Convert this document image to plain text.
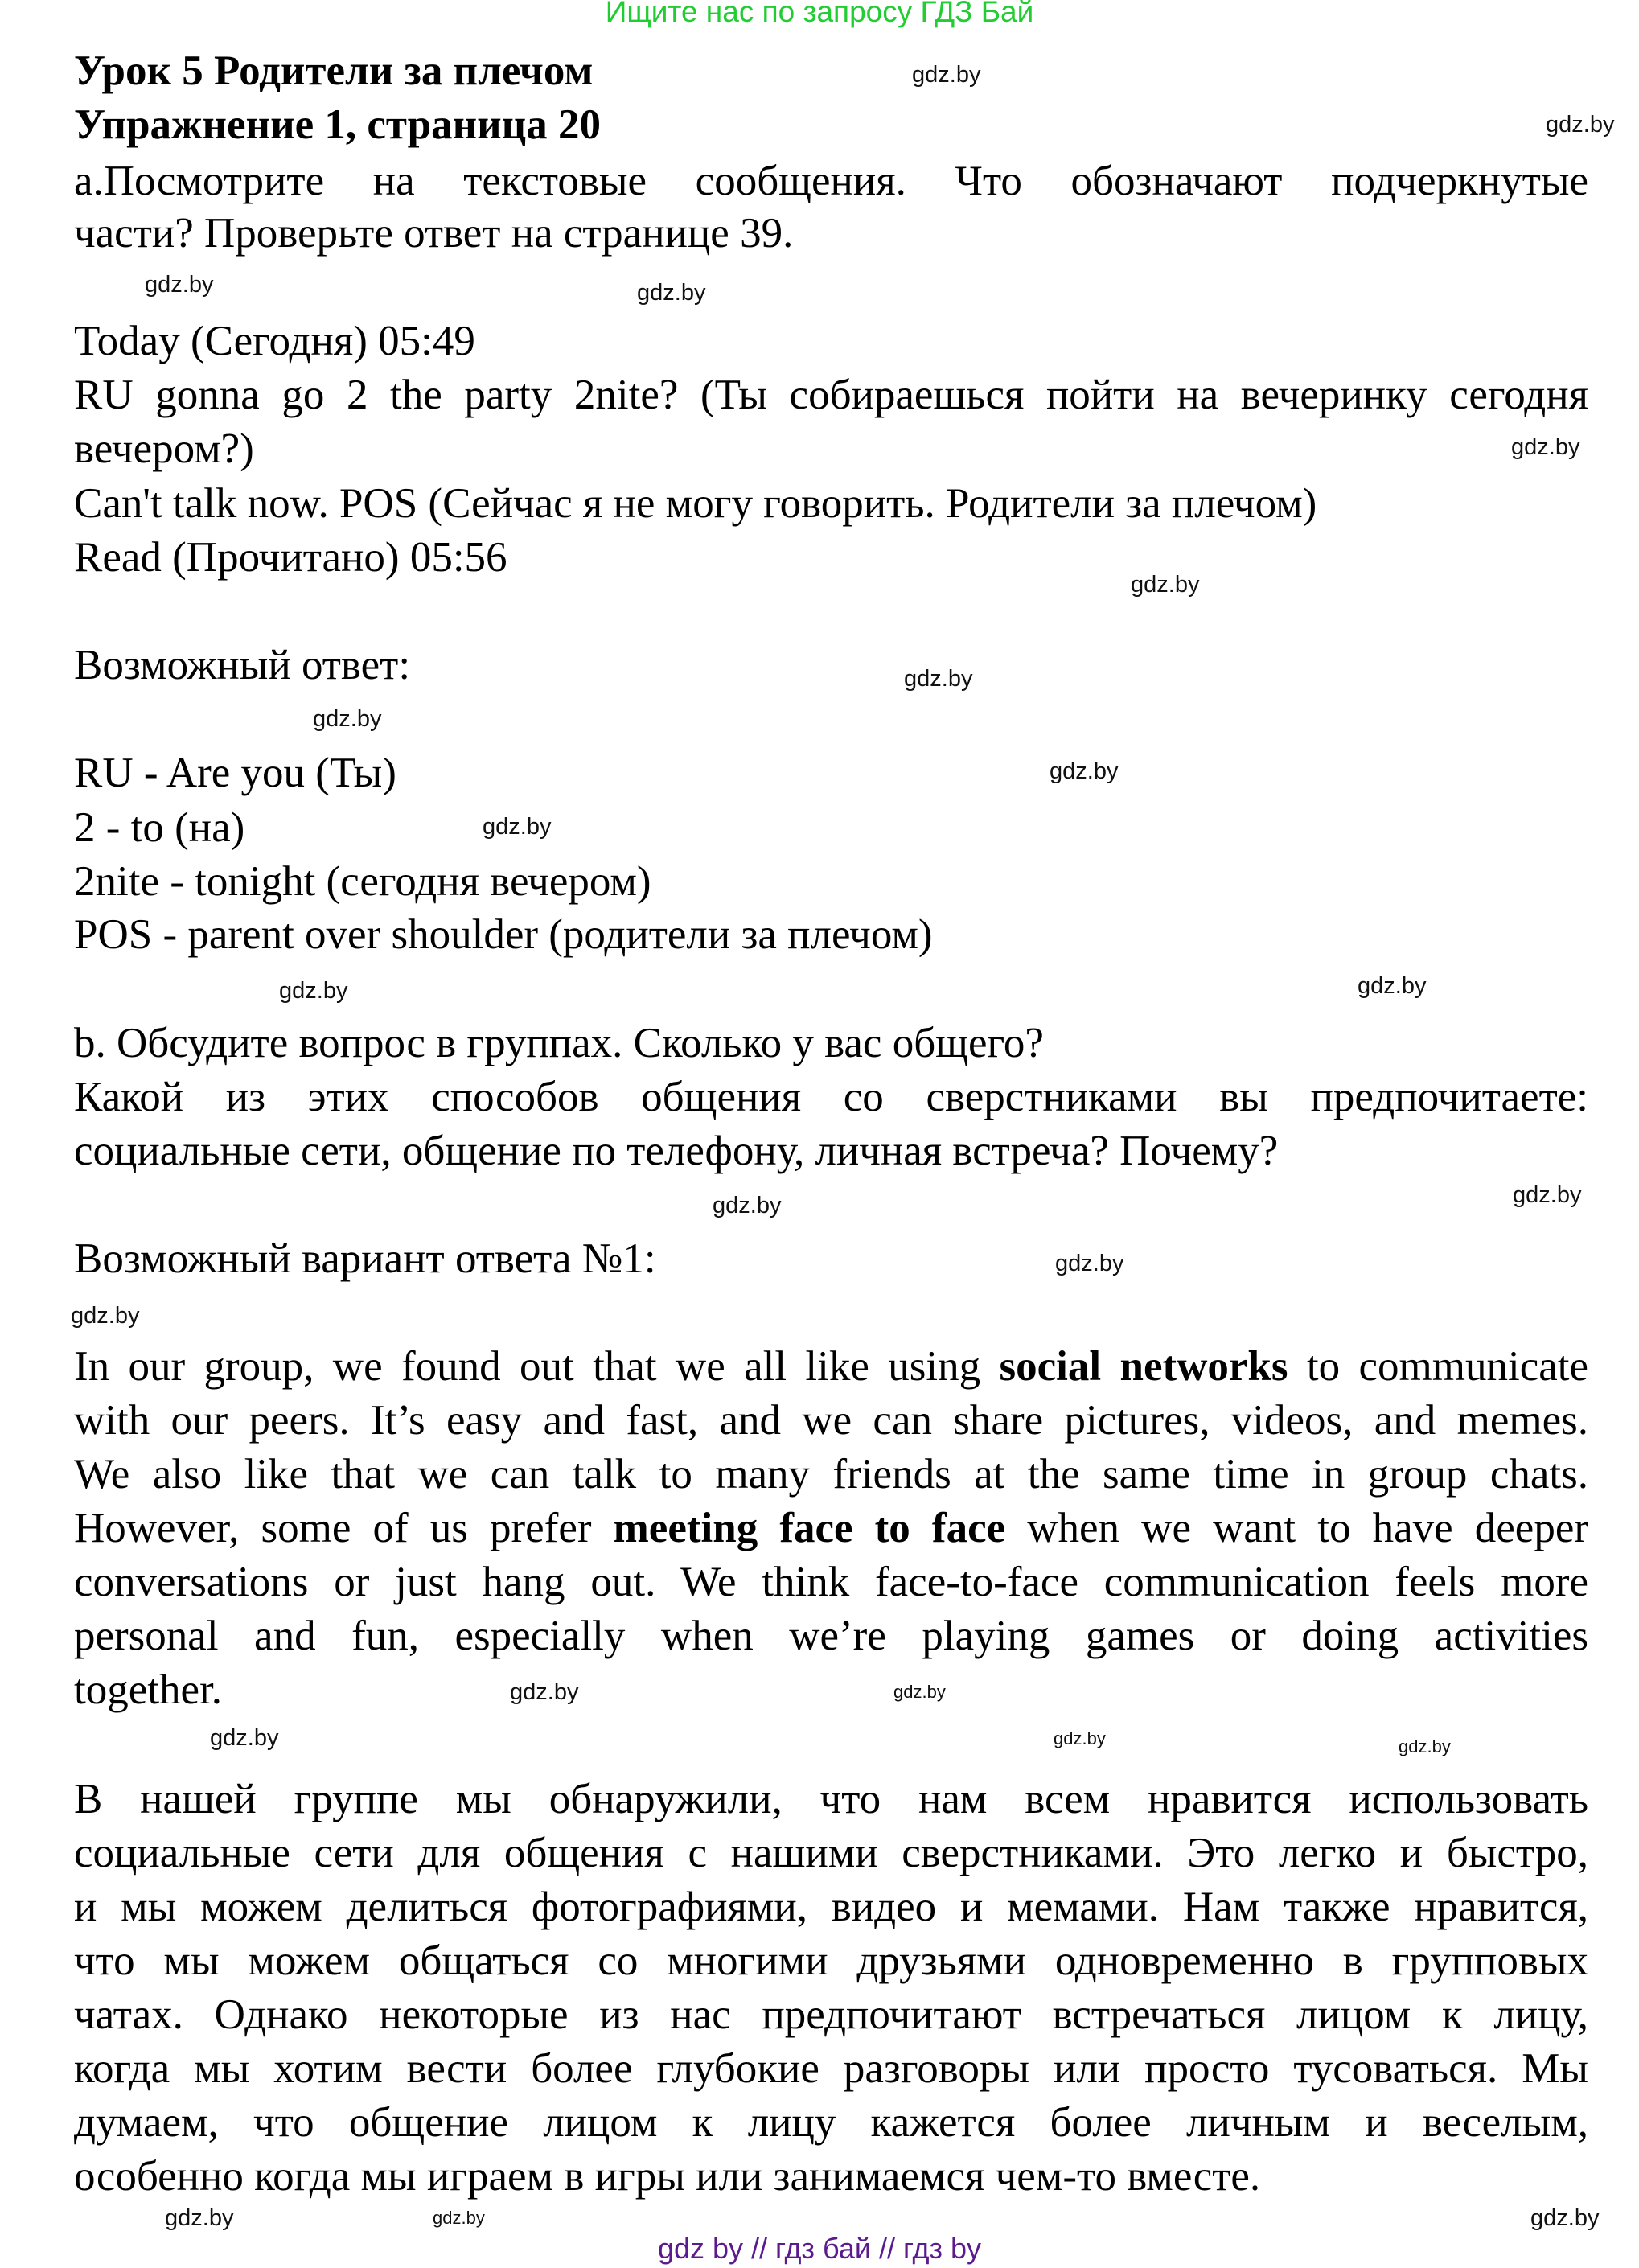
Ищите нас по запросу ГДЗ Бай
Урок 5 Родители за плечом
Упражнение 1, страница 20
а.Посмотрите на текстовые сообщения. Что обозначают подчеркнутые
части? Проверьте ответ на странице 39.
Today (Сегодня) 05:49
RU gonna go 2 the party 2nite? (Ты собираешься пойти на вечеринку сегодня
вечером?)
Can't talk now. POS (Сейчас я не могу говорить. Родители за плечом)
Read (Прочитано) 05:56
Возможный ответ:
RU - Are you (Ты)
2 - to (на)
2nite - tonight (сегодня вечером)
POS - parent over shoulder (родители за плечом)
b. Обсудите вопрос в группах. Сколько у вас общего?
Какой из этих способов общения со сверстниками вы предпочитаете:
социальные сети, общение по телефону, личная встреча? Почему?
Возможный вариант ответа №1:
In our group, we found out that we all like using social networks to communicate
with our peers. It’s easy and fast, and we can share pictures, videos, and memes.
We also like that we can talk to many friends at the same time in group chats.
However, some of us prefer meeting face to face when we want to have deeper
conversations or just hang out. We think face-to-face communication feels more
personal and fun, especially when we’re playing games or doing activities
together.
В нашей группе мы обнаружили, что нам всем нравится использовать
социальные сети для общения с нашими сверстниками. Это легко и быстро,
и мы можем делиться фотографиями, видео и мемами. Нам также нравится,
что мы можем общаться со многими друзьями одновременно в групповых
чатах. Однако некоторые из нас предпочитают встречаться лицом к лицу,
когда мы хотим вести более глубокие разговоры или просто тусоваться. Мы
думаем, что общение лицом к лицу кажется более личным и веселым,
особенно когда мы играем в игры или занимаемся чем-то вместе.
gdz.by
gdz.by
gdz.by	gdz.by
gdz.by
gdz.by
gdz.by
gdz.by
gdz.by
gdz.by
gdz.by
gdz.by
gdz.by
gdz.by
gdz.by
gdz.by
gdz.by
gdz.by
gdz.by	gdz.by
gdz.by
gdz.by	gdz.by
gdz.by
gdz by // гдз бай // гдз by
